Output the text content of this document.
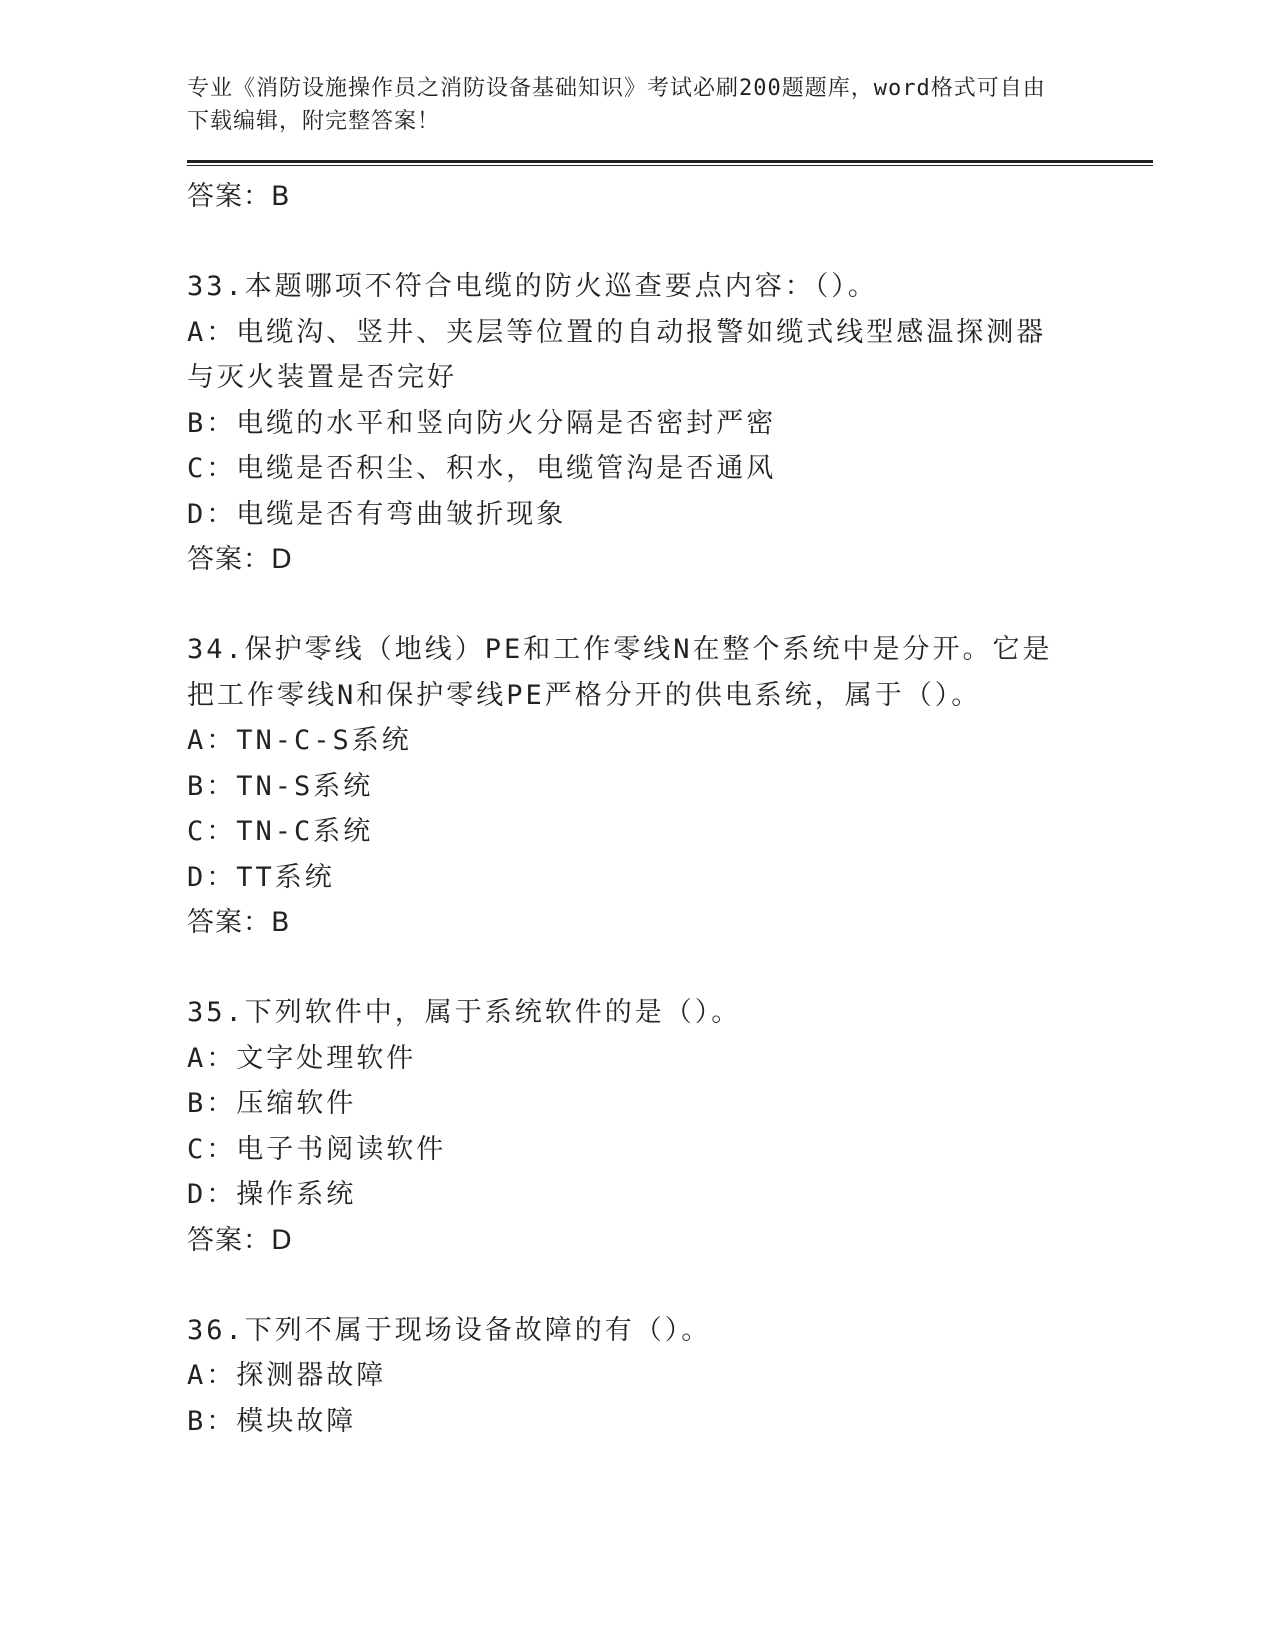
专业《消防设施操作员之消防设备基础知识》考试必刷200题题库，word格式可自由下载编辑，附完整答案！
答案：B
33.本题哪项不符合电缆的防火巡查要点内容：（）。
A：电缆沟、竖井、夹层等位置的自动报警如缆式线型感温探测器与灭火装置是否完好
B：电缆的水平和竖向防火分隔是否密封严密
C：电缆是否积尘、积水，电缆管沟是否通风
D：电缆是否有弯曲皱折现象
答案：D
34.保护零线（地线）PE和工作零线N在整个系统中是分开。它是把工作零线N和保护零线PE严格分开的供电系统，属于（）。
A：TN-C-S系统
B：TN-S系统
C：TN-C系统
D：TT系统
答案：B
35.下列软件中，属于系统软件的是（）。
A：文字处理软件
B：压缩软件
C：电子书阅读软件
D：操作系统
答案：D
36.下列不属于现场设备故障的有（）。
A：探测器故障
B：模块故障
